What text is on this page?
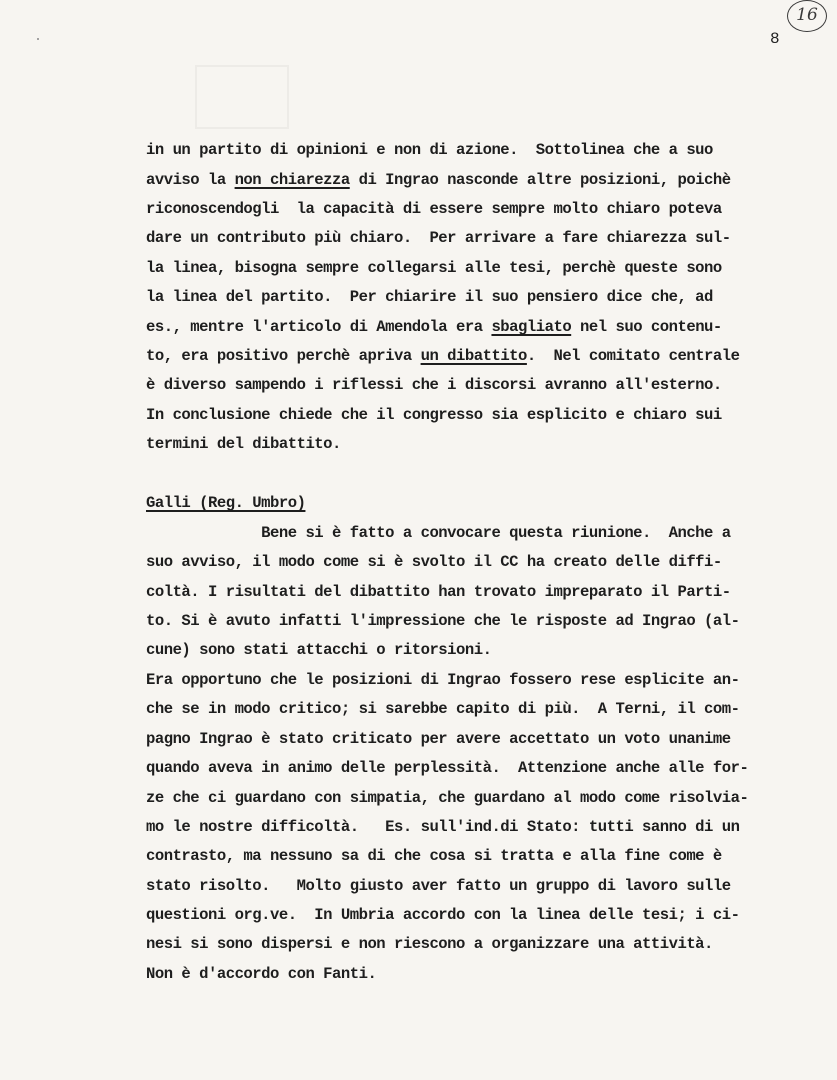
16
8
in un partito di opinioni e non di azione.  Sottolinea che a suo
avviso la non chiarezza di Ingrao nasconde altre posizioni, poichè
riconoscendogli  la capacità di essere sempre molto chiaro poteva
dare un contributo più chiaro.  Per arrivare a fare chiarezza sul-
la linea, bisogna sempre collegarsi alle tesi, perchè queste sono
la linea del partito.  Per chiarire il suo pensiero dice che, ad
es., mentre l'articolo di Amendola era sbagliato nel suo contenu-
to, era positivo perchè apriva un dibattito.  Nel comitato centrale
è diverso sampendo i riflessi che i discorsi avranno all'esterno.
In conclusione chiede che il congresso sia esplicito e chiaro sui
termini del dibattito.
Galli (Reg. Umbro)
Bene si è fatto a convocare questa riunione.  Anche a
suo avviso, il modo come si è svolto il CC ha creato delle diffi-
coltà. I risultati del dibattito han trovato impreparato il Parti-
to. Si è avuto infatti l'impressione che le risposte ad Ingrao (al-
cune) sono stati attacchi o ritorsioni.
Era opportuno che le posizioni di Ingrao fossero rese esplicite an-
che se in modo critico; si sarebbe capito di più.  A Terni, il com-
pagno Ingrao è stato criticato per avere accettato un voto unanime
quando aveva in animo delle perplessità.  Attenzione anche alle for-
ze che ci guardano con simpatia, che guardano al modo come risolvia-
mo le nostre difficoltà.   Es. sull'ind.di Stato: tutti sanno di un
contrasto, ma nessuno sa di che cosa si tratta e alla fine come è
stato risolto.   Molto giusto aver fatto un gruppo di lavoro sulle
questioni org.ve.  In Umbria accordo con la linea delle tesi; i ci-
nesi si sono dispersi e non riescono a organizzare una attività.
Non è d'accordo con Fanti.
